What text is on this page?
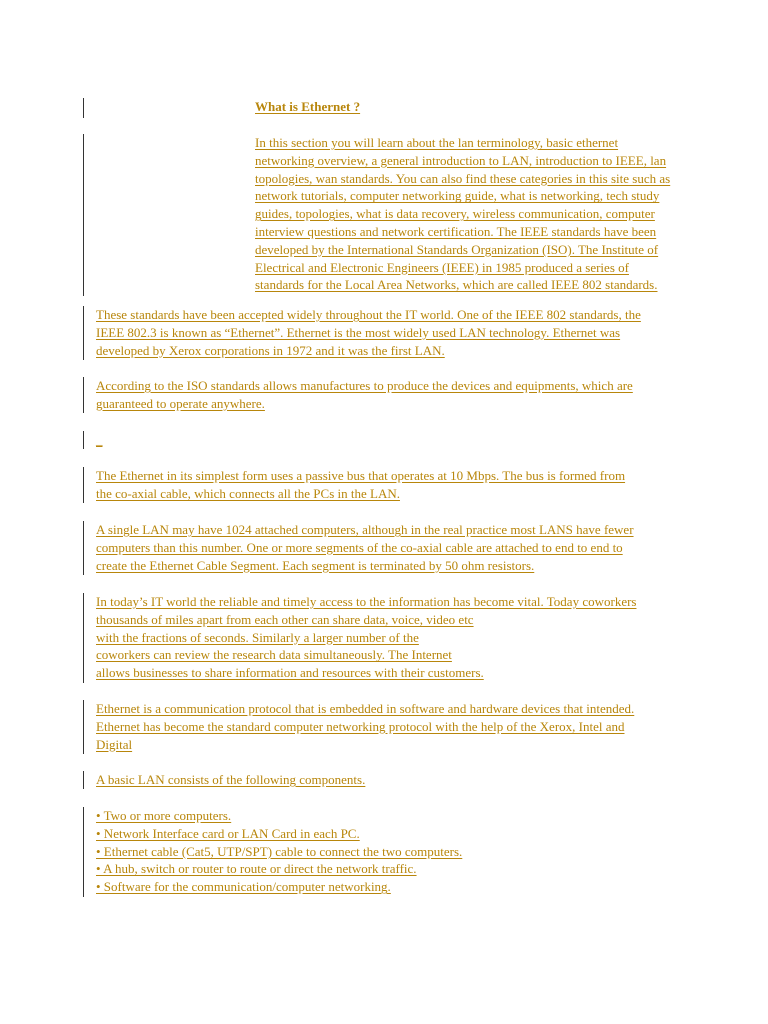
What is Ethernet ?

In this section you will learn about the lan terminology, basic ethernet

networking overview, a general introduction to LAN, introduction to IEEE, lan

topologies, wan standards. You can also find these categories in this site such as

network tutorials, computer networking guide, what is networking, tech study

guides, topologies, what is data recovery, wireless communication, computer

interview questions and network certification. The IEEE standards have been

developed by the International Standards Organization (ISO). The Institute of

Electrical and Electronic Engineers (IEEE) in 1985 produced a series of

standards for the Local Area Networks, which are called IEEE 802 standards.

These standards have been accepted widely throughout the IT world. One of the IEEE 802 standards, the

IEEE 802.3 is known as “Ethernet”. Ethernet is the most widely used LAN technology. Ethernet was

developed by Xerox corporations in 1972 and it was the first LAN.

According to the ISO standards allows manufactures to produce the devices and equipments, which are

guaranteed to operate anywhere.

_

The Ethernet in its simplest form uses a passive bus that operates at 10 Mbps. The bus is formed from

the co-axial cable, which connects all the PCs in the LAN.

A single LAN may have 1024 attached computers, although in the real practice most LANS have fewer

computers than this number. One or more segments of the co-axial cable are attached to end to end to

create the Ethernet Cable Segment. Each segment is terminated by 50 ohm resistors.

In today’s IT world the reliable and timely access to the information has become vital. Today coworkers

thousands of miles apart from each other can share data, voice, video etc

with the fractions of seconds. Similarly a larger number of the

coworkers can review the research data simultaneously. The Internet

allows businesses to share information and resources with their customers.

Ethernet is a communication protocol that is embedded in software and hardware devices that intended.

Ethernet has become the standard computer networking protocol with the help of the Xerox, Intel and

Digital

A basic LAN consists of the following components.

• Two or more computers.

• Network Interface card or LAN Card in each PC.

• Ethernet cable (Cat5, UTP/SPT) cable to connect the two computers.

• A hub, switch or router to route or direct the network traffic.

• Software for the communication/computer networking.
